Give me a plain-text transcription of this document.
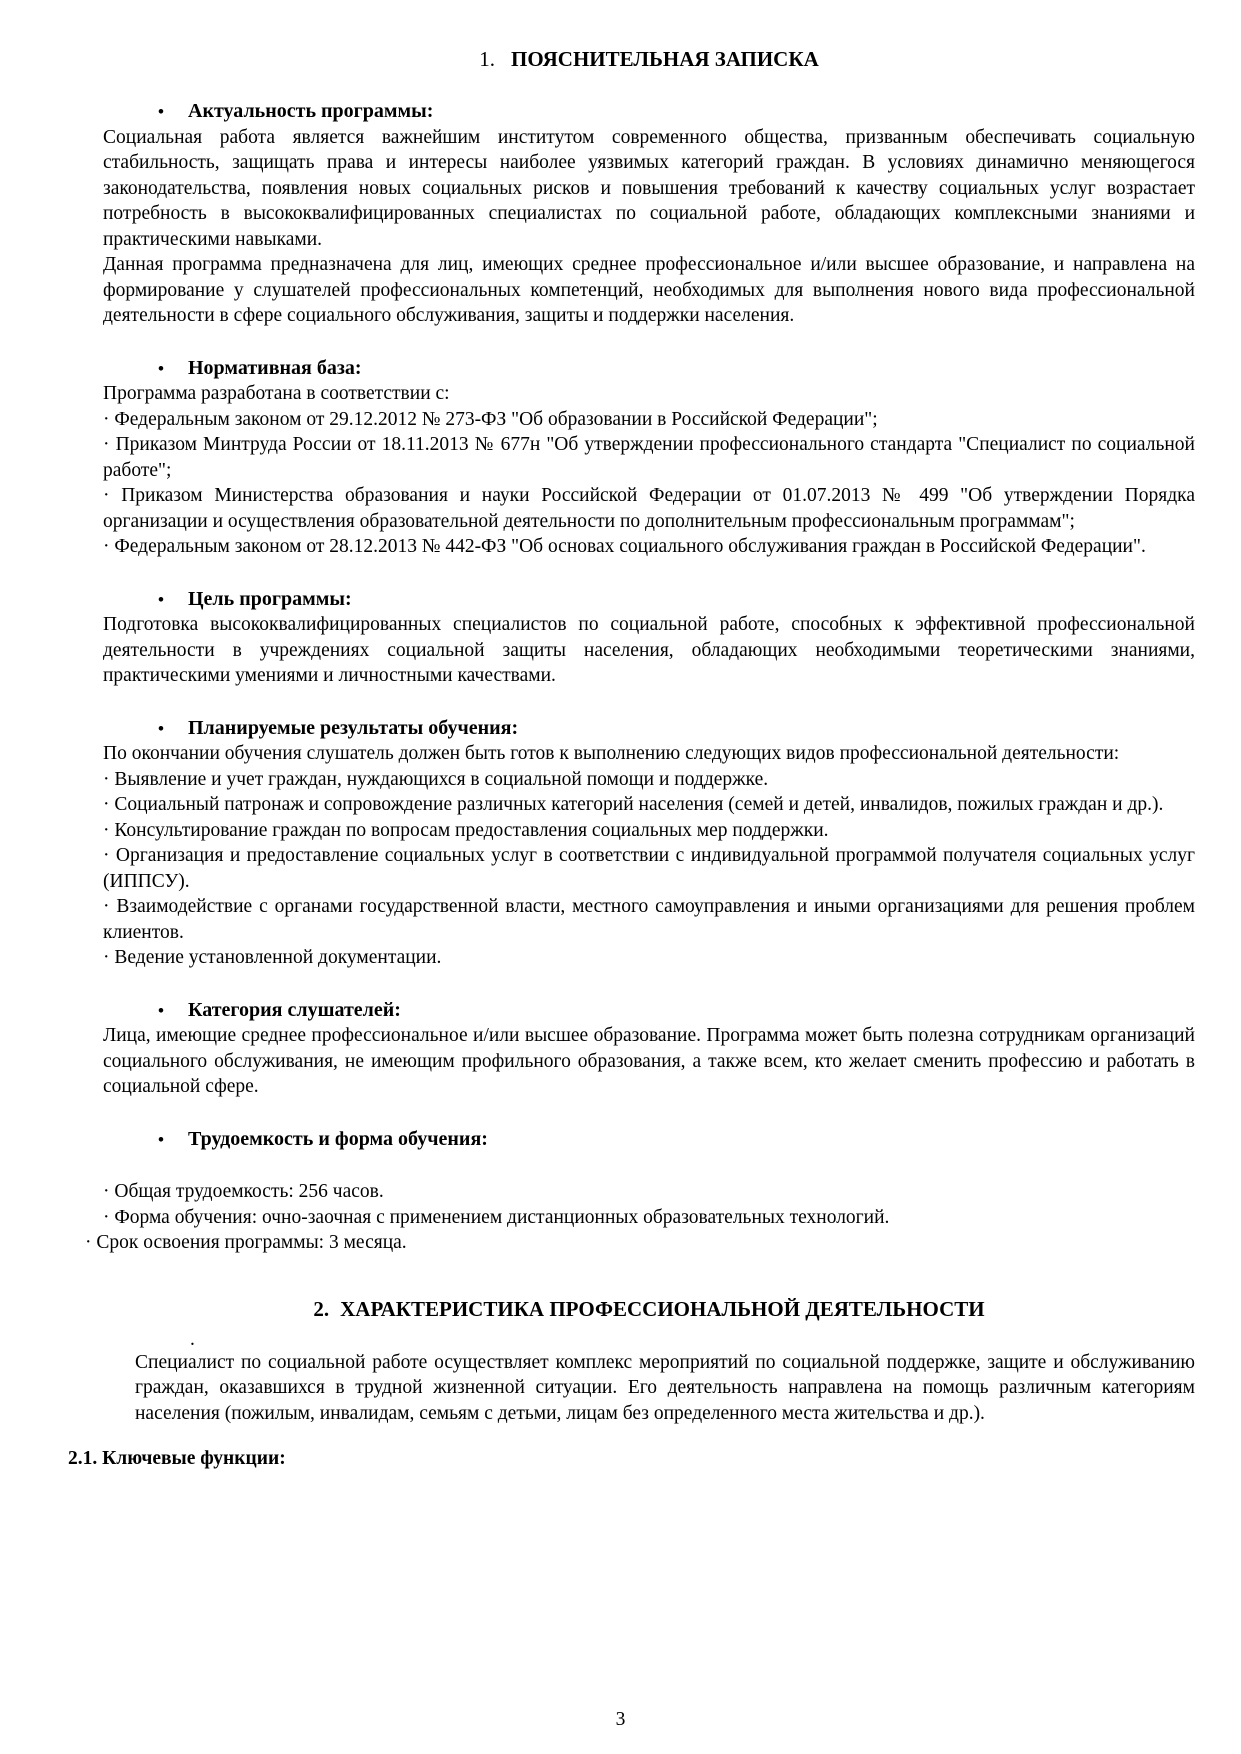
1. ПОЯСНИТЕЛЬНАЯ ЗАПИСКА
• Актуальность программы:

Социальная работа является важнейшим институтом современного общества, призванным обеспечивать социальную стабильность, защищать права и интересы наиболее уязвимых категорий граждан. В условиях динамично меняющегося законодательства, появления новых социальных рисков и повышения требований к качеству социальных услуг возрастает потребность в высококвалифицированных специалистах по социальной работе, обладающих комплексными знаниями и практическими навыками.

Данная программа предназначена для лиц, имеющих среднее профессиональное и/или высшее образование, и направлена на формирование у слушателей профессиональных компетенций, необходимых для выполнения нового вида профессиональной деятельности в сфере социального обслуживания, защиты и поддержки населения.

• Нормативная база:

Программа разработана в соответствии с:

· Федеральным законом от 29.12.2012 № 273-ФЗ "Об образовании в Российской Федерации";

· Приказом Минтруда России от 18.11.2013 № 677н "Об утверждении профессионального стандарта "Специалист по социальной работе";

· Приказом Министерства образования и науки Российской Федерации от 01.07.2013 № 499 "Об утверждении Порядка организации и осуществления образовательной деятельности по дополнительным профессиональным программам";

· Федеральным законом от 28.12.2013 № 442-ФЗ "Об основах социального обслуживания граждан в Российской Федерации".

• Цель программы:

Подготовка высококвалифицированных специалистов по социальной работе, способных к эффективной профессиональной деятельности в учреждениях социальной защиты населения, обладающих необходимыми теоретическими знаниями, практическими умениями и личностными качествами.

• Планируемые результаты обучения:

По окончании обучения слушатель должен быть готов к выполнению следующих видов профессиональной деятельности:

· Выявление и учет граждан, нуждающихся в социальной помощи и поддержке.

· Социальный патронаж и сопровождение различных категорий населения (семей и детей, инвалидов, пожилых граждан и др.).

· Консультирование граждан по вопросам предоставления социальных мер поддержки.

· Организация и предоставление социальных услуг в соответствии с индивидуальной программой получателя социальных услуг (ИППСУ).

· Взаимодействие с органами государственной власти, местного самоуправления и иными организациями для решения проблем клиентов.

· Ведение установленной документации.

• Категория слушателей:

Лица, имеющие среднее профессиональное и/или высшее образование. Программа может быть полезна сотрудникам организаций социального обслуживания, не имеющим профильного образования, а также всем, кто желает сменить профессию и работать в социальной сфере.

• Трудоемкость и форма обучения:

· Общая трудоемкость: 256 часов.

· Форма обучения: очно-заочная с применением дистанционных образовательных технологий.

· Срок освоения программы: 3 месяца.

2. ХАРАКТЕРИСТИКА ПРОФЕССИОНАЛЬНОЙ ДЕЯТЕЛЬНОСТИ

.

Специалист по социальной работе осуществляет комплекс мероприятий по социальной поддержке, защите и обслуживанию граждан, оказавшихся в трудной жизненной ситуации. Его деятельность направлена на помощь различным категориям населения (пожилым, инвалидам, семьям с детьми, лицам без определенного места жительства и др.).

2.1. Ключевые функции:

3
